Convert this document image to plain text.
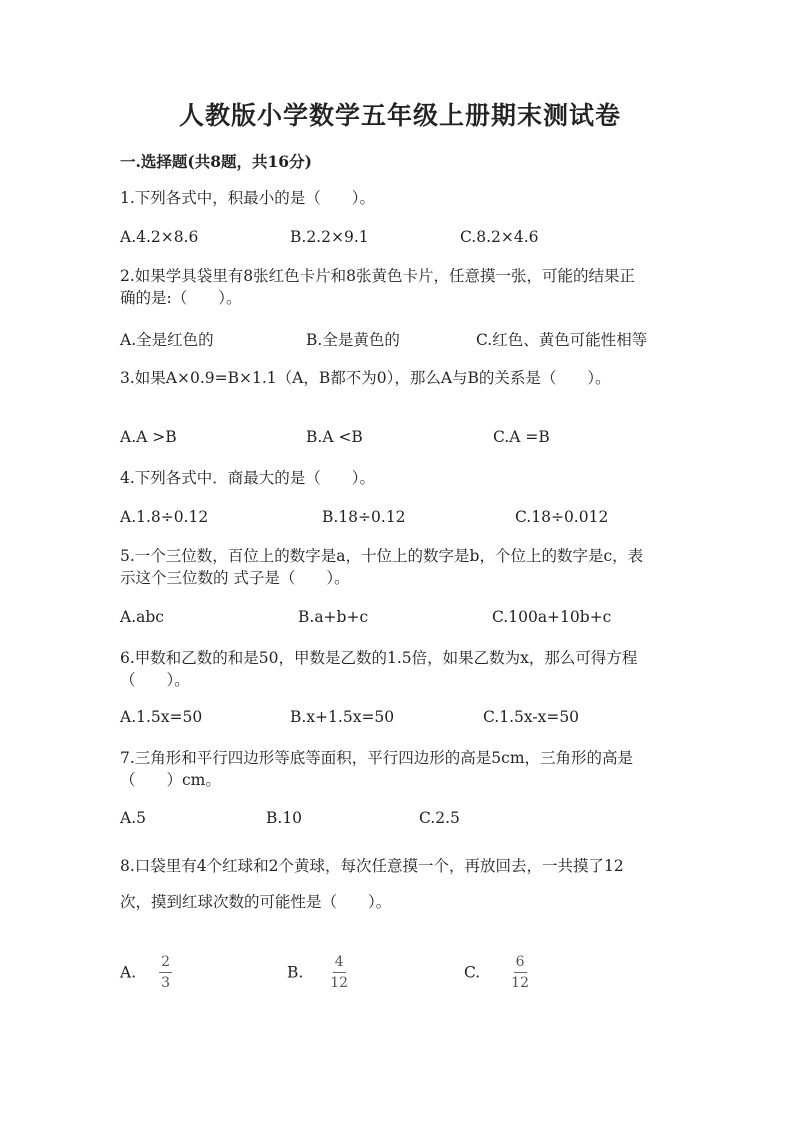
人教版小学数学五年级上册期末测试卷
一.选择题(共8题，共16分)
1.下列各式中，积最小的是（　　）。
A.4.2×8.6	B.2.2×9.1	C.8.2×4.6
2.如果学具袋里有8张红色卡片和8张黄色卡片，任意摸一张，可能的结果正
确的是:（　　）。
A.全是红色的	B.全是黄色的	C.红色、黄色可能性相等
3.如果A×0.9=B×1.1（A，B都不为0），那么A与B的关系是（　　）。
A.A >B	B.A <B	C.A =B
4.下列各式中．商最大的是（　　）。
A.1.8÷0.12	B.18÷0.12	C.18÷0.012
5.一个三位数，百位上的数字是a，十位上的数字是b，个位上的数字是c，表
示这个三位数的 式子是（　　）。
A.abc	B.a+b+c	C.100a+10b+c
6.甲数和乙数的和是50，甲数是乙数的1.5倍，如果乙数为x，那么可得方程
（　　）。
A.1.5x=50	B.x+1.5x=50	C.1.5x-x=50
7.三角形和平行四边形等底等面积，平行四边形的高是5cm，三角形的高是
（　　）cm。
A.5	B.10	C.2.5
8.口袋里有4个红球和2个黄球，每次任意摸一个，再放回去，一共摸了12
次，摸到红球次数的可能性是（　　）。
A. $\frac{2}{3}$	B. $\frac{4}{12}$	C. $\frac{6}{12}$
